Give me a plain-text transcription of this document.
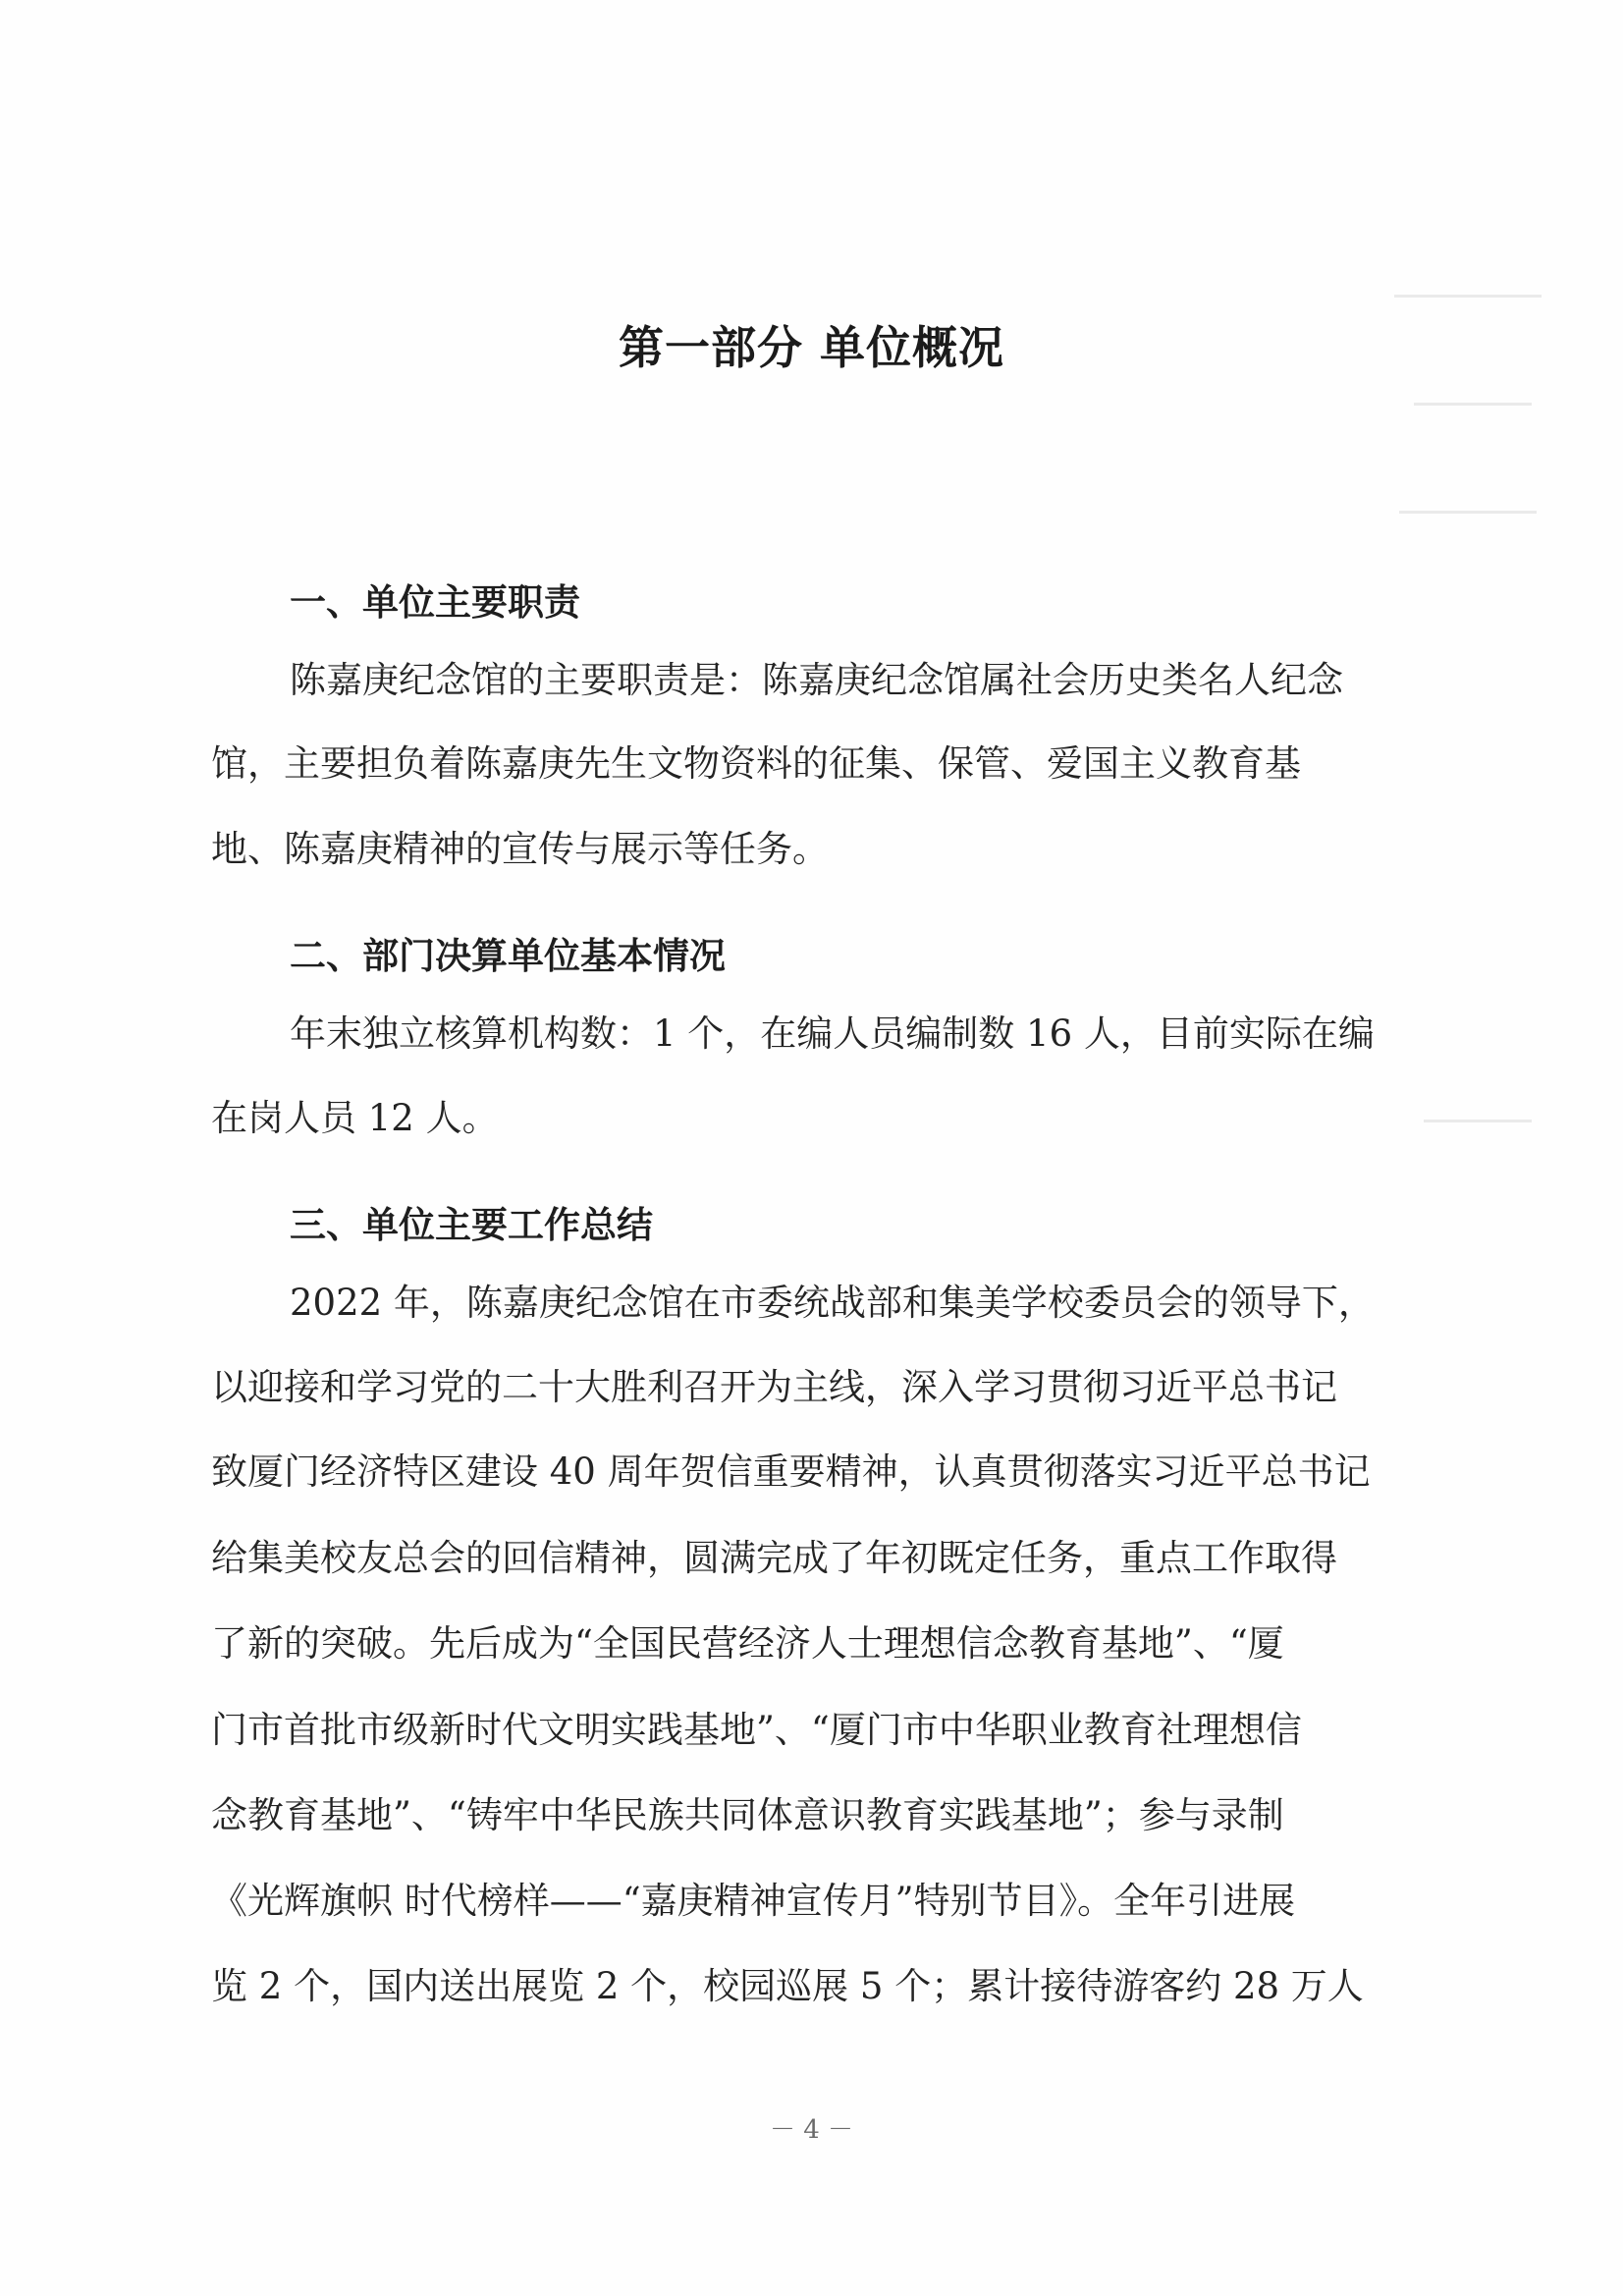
第一部分 单位概况
一、单位主要职责
陈嘉庚纪念馆的主要职责是：陈嘉庚纪念馆属社会历史类名人纪念
馆，主要担负着陈嘉庚先生文物资料的征集、保管、爱国主义教育基
地、陈嘉庚精神的宣传与展示等任务。
二、部门决算单位基本情况
年末独立核算机构数：1 个，在编人员编制数 16 人，目前实际在编
在岗人员 12 人。
三、单位主要工作总结
2022 年，陈嘉庚纪念馆在市委统战部和集美学校委员会的领导下，
以迎接和学习党的二十大胜利召开为主线，深入学习贯彻习近平总书记
致厦门经济特区建设 40 周年贺信重要精神，认真贯彻落实习近平总书记
给集美校友总会的回信精神，圆满完成了年初既定任务，重点工作取得
了新的突破。先后成为“全国民营经济人士理想信念教育基地”、“厦
门市首批市级新时代文明实践基地”、“厦门市中华职业教育社理想信
念教育基地”、“铸牢中华民族共同体意识教育实践基地”；参与录制
《光辉旗帜 时代榜样——“嘉庚精神宣传月”特别节目》。全年引进展
览 2 个，国内送出展览 2 个，校园巡展 5 个；累计接待游客约 28 万人
－ 4 －
